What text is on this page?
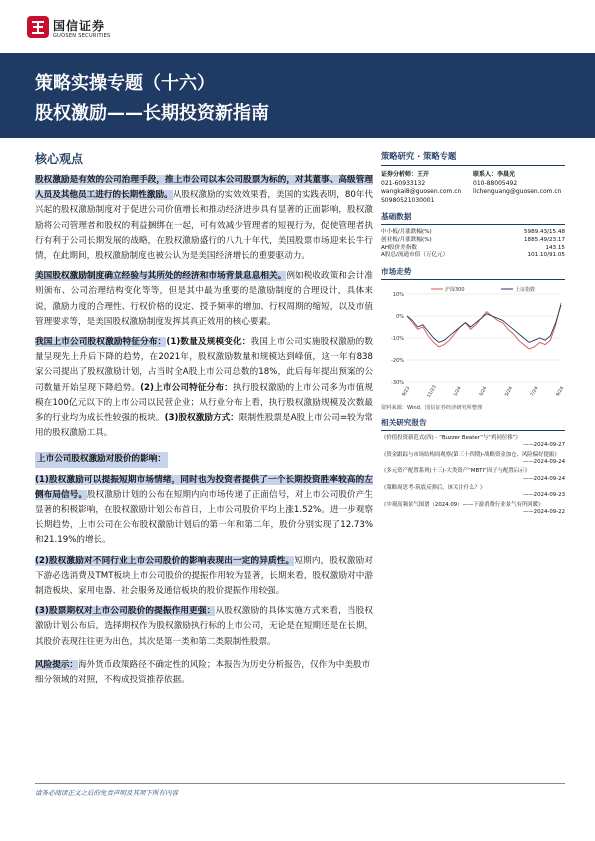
国信证券
GUOSEN SECURITIES
策略实操专题（十六）
股权激励——长期投资新指南
核心观点

股权激励是有效的公司治理手段，推上市公司以本公司股票为标的，对其董事、高级管理人员及其他员工进行的长期性激励。从股权激励的实效效果看，美国的实践表明，80年代兴起的股权激励制度对于促进公司价值增长和推动经济进步具有显著的正面影响，股权激励将公司管理者和股权的利益捆绑在一起，可有效减少管理者的短视行为，促使管理者执行有利于公司长期发展的战略，在股权激励盛行的八九十年代，美国股票市场迎来长牛行情，在此期间，股权激励制度也被公认为是美国经济增长的重要驱动力。

美国股权激励制度确立经验与其所处的经济和市场背景息息相关。例如税收政策和会计准则颁布、公司治理结构变化等等，但是其中最为重要的是激励制度的合理设计，具体来说，激励力度的合理性、行权价格的设定、授予频率的增加、行权周期的缩短，以及市值管理要求等，是美国股权激励制度发挥其真正效用的核心要素。

我国上市公司股权激励特征分布：(1)数量及规模变化：我国上市公司实施股权激励的数量呈现先上升后下降的趋势，在2021年，股权激励数量和规模达到峰值，这一年有838家公司提出了股权激励计划，占当时全A股上市公司总数的18%，此后每年提出预案的公司数量开始呈现下降趋势。(2)上市公司特征分布：执行股权激励的上市公司多为市值规模在100亿元以下的上市公司以民营企业；从行业分布上看，执行股权激励规模及次数最多的行业均为成长性较强的板块。(3)股权激励方式：限制性股票是A股上市公司=较为常用的股权激励工具。

上市公司股权激励对股价的影响：

(1)股权激励可以提振短期市场情绪，同时也为投资者提供了一个长期投资胜率较高的左侧布局信号。股权激励计划的公布在短期内向市场传递了正面信号，对上市公司股价产生显著的积极影响，在股权激励计划公布首日，上市公司股价平均上涨1.52%。进一步观察长期趋势，上市公司在公布股权激励计划后的第一年和第二年，股价分别实现了12.73%和21.19%的增长。

(2)股权激励对不同行业上市公司股价的影响表现出一定的异质性。短期内，股权激励对下游必选消费及TMT板块上市公司股价的提振作用较为显著，长期来看，股权激励对中游制造板块、家用电器、社会服务及通信板块的股价提振作用较强。

(3)股票期权对上市公司股价的提振作用更强：从股权激励的具体实施方式来看，当股权激励计划公布后，选择期权作为股权激励执行标的上市公司，无论是在短期还是在长期，其股价表现往往更为出色，其次是第一类和第二类限制性股票。

风险提示：海外货币政策路径不确定性的风险；本报告为历史分析报告，仅作为中美股市细分领域的对照，不构成投资推荐依据。

策略研究 · 策略专题
证券分析师：王开
021-60933132
wangkai8@guosen.com.cn
S0980521030001
联系人：李晨光
010-88005492
lichenguang@guosen.com.cn
基础数据
中小板/月涨跌幅(%)	5989.43/15.48
创业板/月涨跌幅(%)	1885.49/23.17
AH股价差指数	143.15
A股总/流通市值（万亿元）	101.10/91.05
市场走势
10%
0%
-10%
-20%
-30%
9/23	11/23	1/24	3/24	5/24	7/24	9/24
沪深300	上证指数
资料来源：Wind、国信证券经济研究所整理
相关研究报告
《价值投资新范式(四) - “Buzzer Beater”与“鸡同位移”》
——2024-09-27
《资金跟踪与市场结构周观察(第三十四期)-战略资金加仓、风险偏好提振》
——2024-09-24
《多元资产配置系列(十三)-大类资产“MBTI”因子与配置启示》
——2024-09-24
《策略周思考-筑底反弹后，该关注什么？》
——2024-09-23
《中观高频景气图谱（2024.09）——下游消费行业景气有所回暖》
——2024-09-22
请务必阅读正文之后的免责声明及其项下所有内容
